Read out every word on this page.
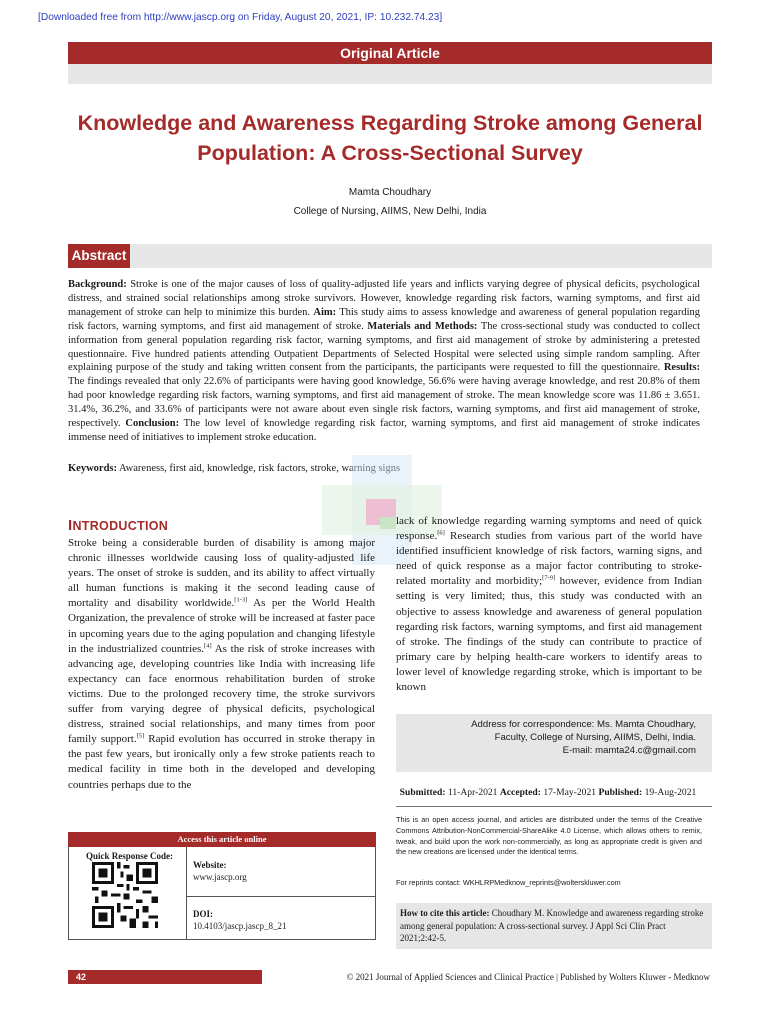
[Downloaded free from http://www.jascp.org on Friday, August 20, 2021, IP: 10.232.74.23]
Original Article
Knowledge and Awareness Regarding Stroke among General
Population: A Cross-Sectional Survey
Mamta Choudhary
College of Nursing, AIIMS, New Delhi, India
Abstract
Background: Stroke is one of the major causes of loss of quality-adjusted life years and inflicts varying degree of physical deficits, psychological distress, and strained social relationships among stroke survivors. However, knowledge regarding risk factors, warning symptoms, and first aid management of stroke can help to minimize this burden. Aim: This study aims to assess knowledge and awareness of general population regarding risk factors, warning symptoms, and first aid management of stroke. Materials and Methods: The cross-sectional study was conducted to collect information from general population regarding risk factor, warning symptoms, and first aid management of stroke by administering a pretested questionnaire. Five hundred patients attending Outpatient Departments of Selected Hospital were selected using simple random sampling. After explaining purpose of the study and taking written consent from the participants, the participants were requested to fill the questionnaire. Results: The findings revealed that only 22.6% of participants were having good knowledge, 56.6% were having average knowledge, and rest 20.8% of them had poor knowledge regarding risk factors, warning symptoms, and first aid management of stroke. The mean knowledge score was 11.86 ± 3.651. 31.4%, 36.2%, and 33.6% of participants were not aware about even single risk factors, warning symptoms, and first aid management of stroke, respectively. Conclusion: The low level of knowledge regarding risk factor, warning symptoms, and first aid management of stroke indicates immense need of initiatives to implement stroke education.
Keywords: Awareness, first aid, knowledge, risk factors, stroke, warning signs
INTRODUCTION
Stroke being a considerable burden of disability is among major chronic illnesses worldwide causing loss of quality-adjusted life years. The onset of stroke is sudden, and its ability to affect virtually all human functions is making it the second leading cause of mortality and disability worldwide.[1-3] As per the World Health Organization, the prevalence of stroke will be increased at faster pace in upcoming years due to the aging population and changing lifestyle in the industrialized countries.[4] As the risk of stroke increases with advancing age, developing countries like India with increasing life expectancy can face enormous rehabilitation burden of stroke victims. Due to the prolonged recovery time, the stroke survivors suffer from varying degree of physical deficits, psychological distress, strained social relationships, and many times from poor family support.[5] Rapid evolution has occurred in stroke therapy in the past few years, but ironically only a few stroke patients reach to medical facility in time both in the developed and developing countries perhaps due to the
lack of knowledge regarding warning symptoms and need of quick response.[6] Research studies from various part of the world have identified insufficient knowledge of risk factors, warning signs, and need of quick response as a major factor contributing to stroke-related mortality and morbidity;[7-9] however, evidence from Indian setting is very limited; thus, this study was conducted with an objective to assess knowledge and awareness of general population regarding risk factors, warning symptoms, and first aid management of stroke. The findings of the study can contribute to practice of primary care by helping health-care workers to identify areas to lower level of knowledge regarding stroke, which is important to be known
Access this article online
Quick Response Code:
Website:
www.jascp.org
DOI:
10.4103/jascp.jascp_8_21
Address for correspondence: Ms. Mamta Choudhary,
Faculty, College of Nursing, AIIMS, Delhi, India.
E-mail: mamta24.c@gmail.com
Submitted: 11-Apr-2021 Accepted: 17-May-2021 Published: 19-Aug-2021
This is an open access journal, and articles are distributed under the terms of the Creative Commons Attribution-NonCommercial-ShareAlike 4.0 License, which allows others to remix, tweak, and build upon the work non-commercially, as long as appropriate credit is given and the new creations are licensed under the identical terms.
For reprints contact: WKHLRPMedknow_reprints@wolterskluwer.com
How to cite this article: Choudhary M. Knowledge and awareness regarding stroke among general population: A cross-sectional survey. J Appl Sci Clin Pract 2021;2:42-5.
42	© 2021 Journal of Applied Sciences and Clinical Practice | Published by Wolters Kluwer - Medknow
